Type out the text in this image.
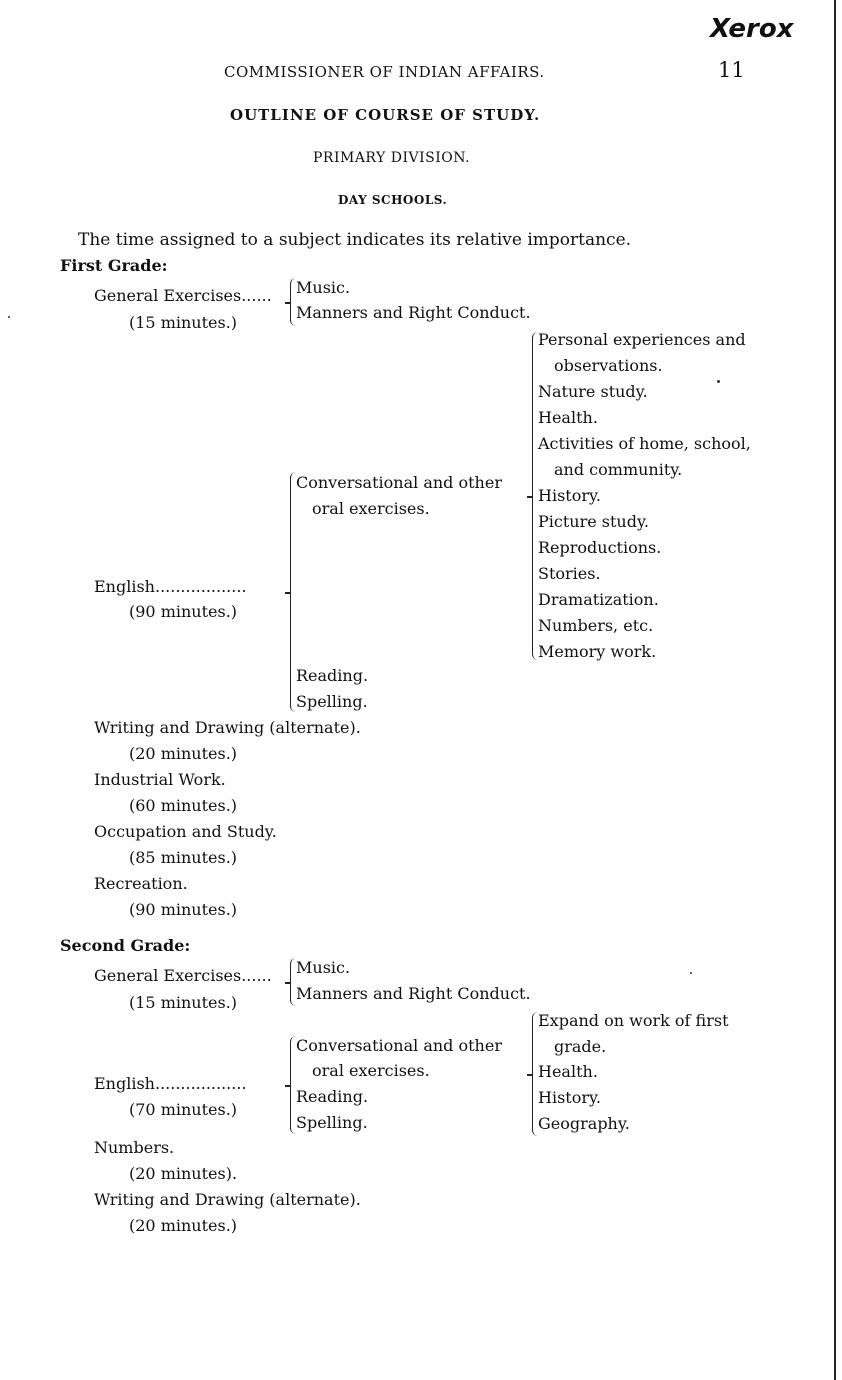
Xerox
COMMISSIONER OF INDIAN AFFAIRS.	11
OUTLINE OF COURSE OF STUDY.
PRIMARY DIVISION.
DAY SCHOOLS.
The time assigned to a subject indicates its relative importance.
First Grade:
General Exercises......
(15 minutes.)
Music.
Manners and Right Conduct.
English..................
(90 minutes.)
Conversational and other
oral exercises.
Reading.
Spelling.
Personal experiences and
observations.
Nature study.
Health.
Activities of home, school,
and community.
History.
Picture study.
Reproductions.
Stories.
Dramatization.
Numbers, etc.
Memory work.
Writing and Drawing (alternate).
(20 minutes.)
Industrial Work.
(60 minutes.)
Occupation and Study.
(85 minutes.)
Recreation.
(90 minutes.)
Second Grade:
General Exercises......
(15 minutes.)
Music.
Manners and Right Conduct.
English..................
(70 minutes.)
Conversational and other
oral exercises.
Reading.
Spelling.
Expand on work of first
grade.
Health.
History.
Geography.
Numbers.
(20 minutes).
Writing and Drawing (alternate).
(20 minutes.)
